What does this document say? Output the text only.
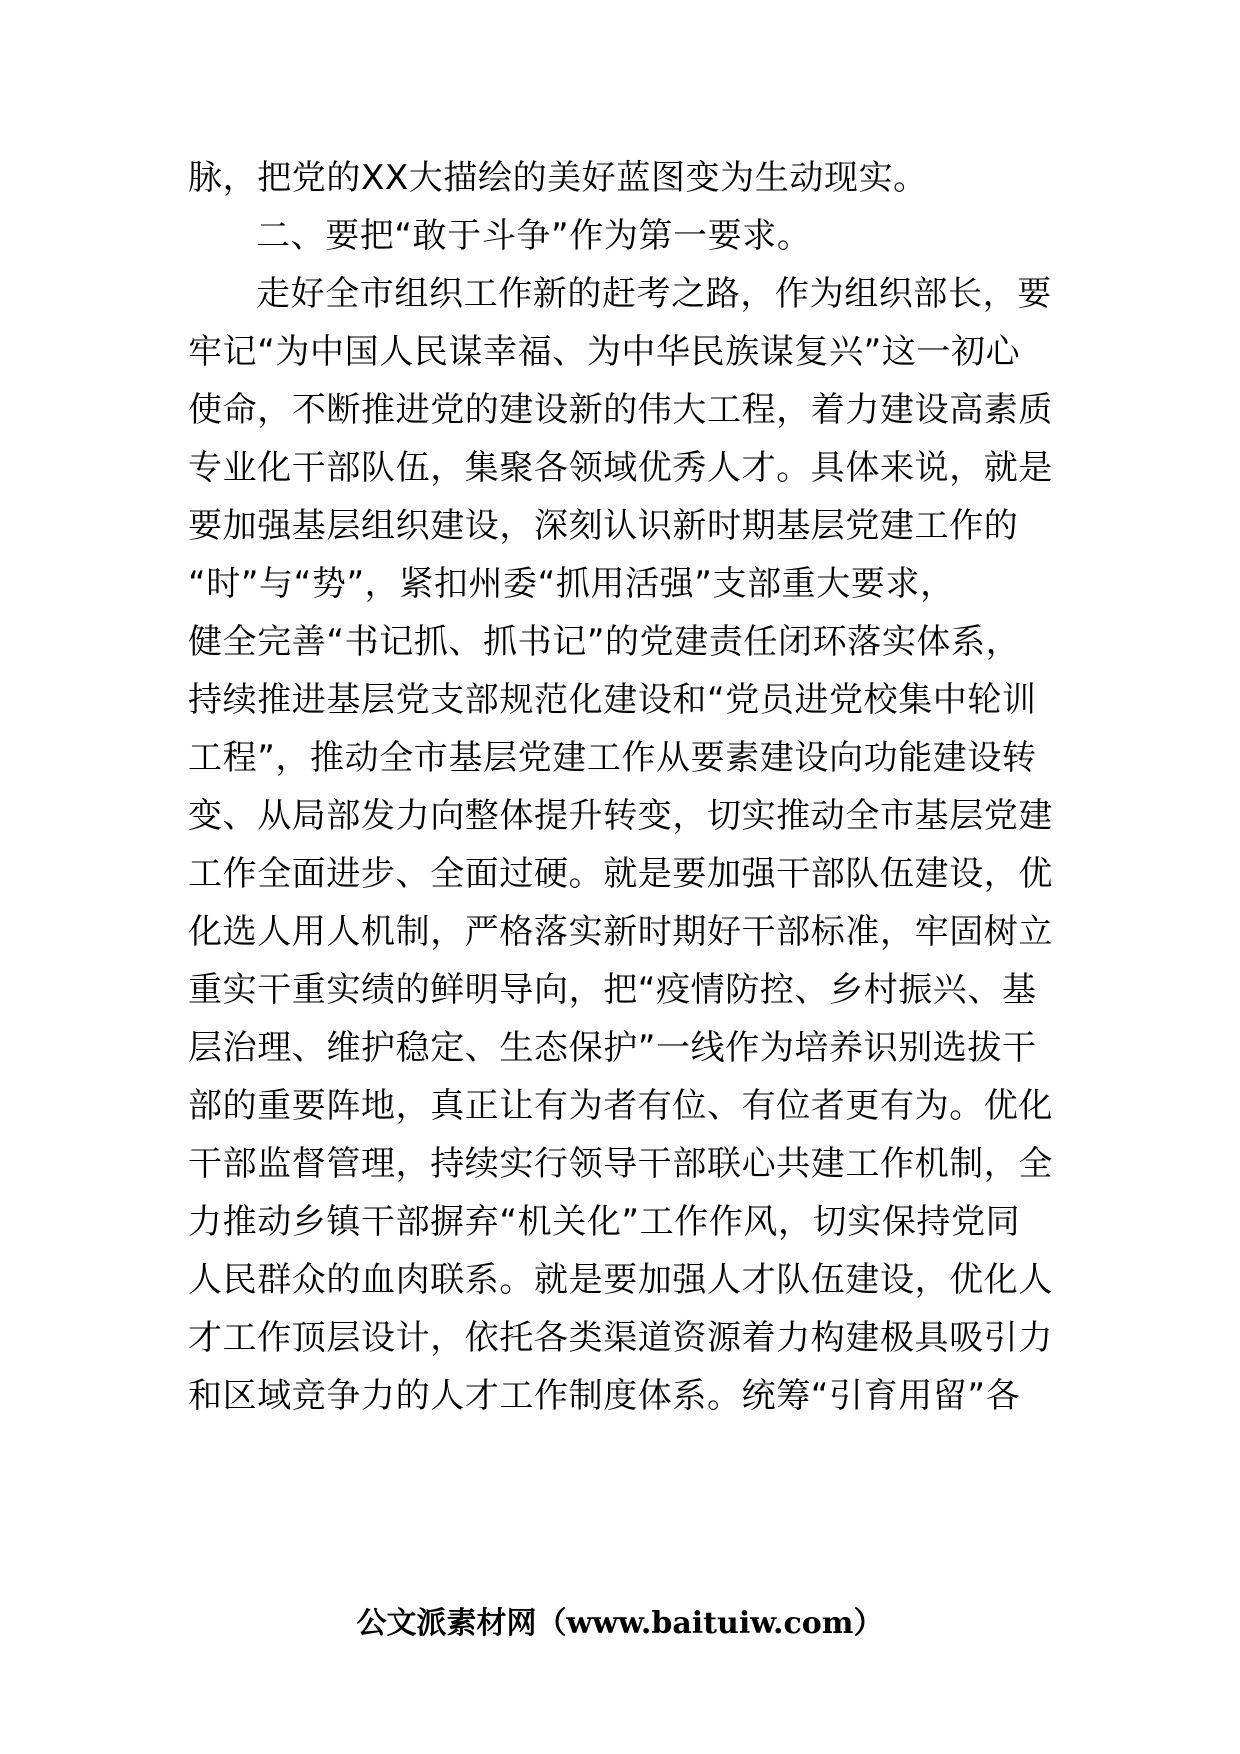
脉，把党的XX大描绘的美好蓝图变为生动现实。
二、要把“敢于斗争”作为第一要求。
走好全市组织工作新的赶考之路，作为组织部长，要
牢记“为中国人民谋幸福、为中华民族谋复兴”这一初心
使命，不断推进党的建设新的伟大工程，着力建设高素质
专业化干部队伍，集聚各领域优秀人才。具体来说，就是
要加强基层组织建设，深刻认识新时期基层党建工作的
“时”与“势”，紧扣州委“抓用活强”支部重大要求，
健全完善“书记抓、抓书记”的党建责任闭环落实体系，
持续推进基层党支部规范化建设和“党员进党校集中轮训
工程”，推动全市基层党建工作从要素建设向功能建设转
变、从局部发力向整体提升转变，切实推动全市基层党建
工作全面进步、全面过硬。就是要加强干部队伍建设，优
化选人用人机制，严格落实新时期好干部标准，牢固树立
重实干重实绩的鲜明导向，把“疫情防控、乡村振兴、基
层治理、维护稳定、生态保护”一线作为培养识别选拔干
部的重要阵地，真正让有为者有位、有位者更有为。优化
干部监督管理，持续实行领导干部联心共建工作机制，全
力推动乡镇干部摒弃“机关化”工作作风，切实保持党同
人民群众的血肉联系。就是要加强人才队伍建设，优化人
才工作顶层设计，依托各类渠道资源着力构建极具吸引力
和区域竞争力的人才工作制度体系。统筹“引育用留”各
公文派素材网（www.baituiw.com）
